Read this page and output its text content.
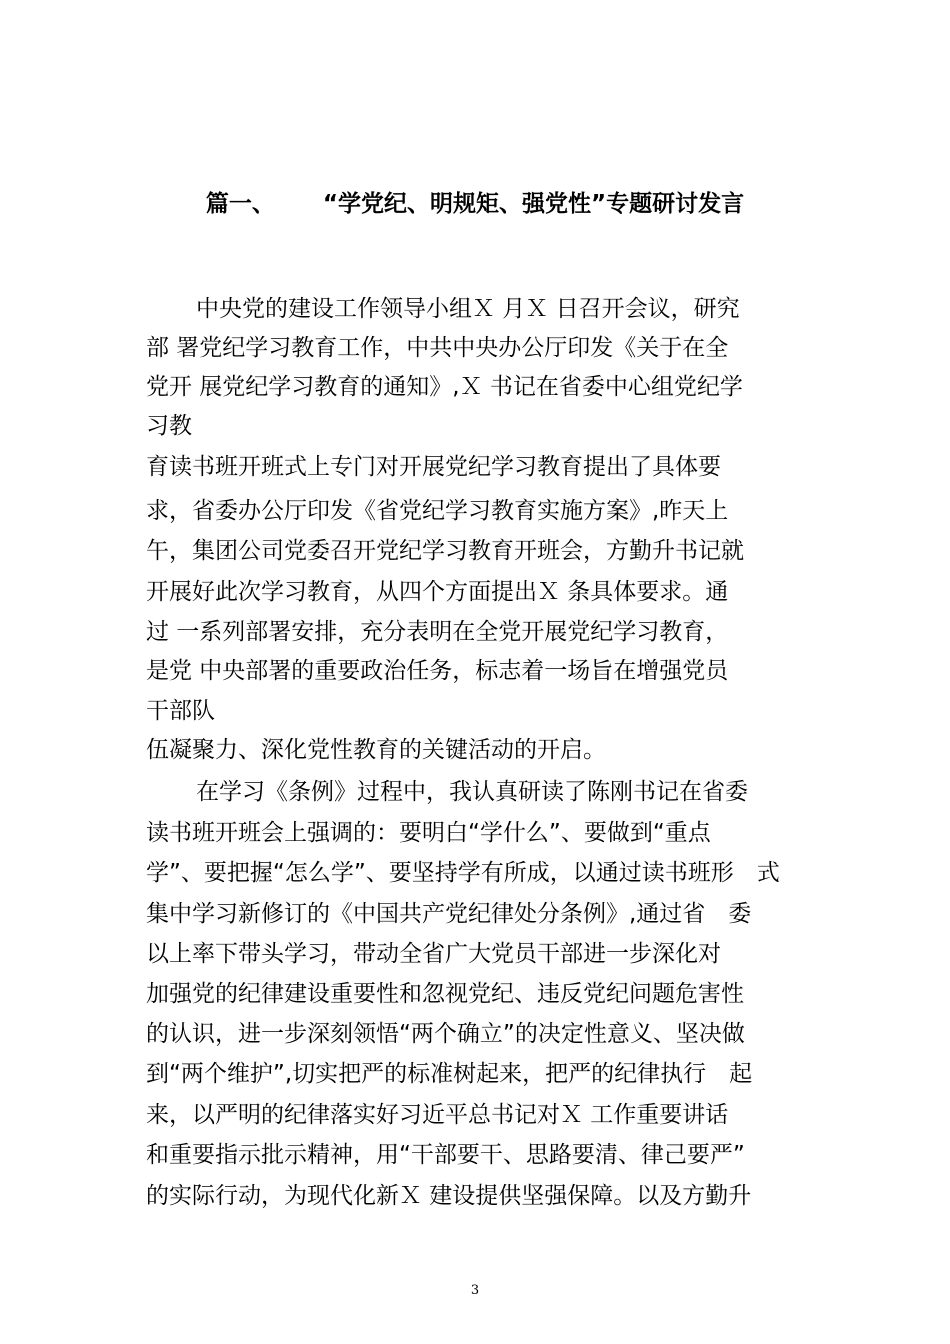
篇一、 “学党纪、明规矩、强党性”专题研讨发言
中央党的建设工作领导小组Ｘ 月Ｘ 日召开会议，研究
部 署党纪学习教育工作，中共中央办公厅印发《关于在全
党开 展党纪学习教育的通知》,Ｘ 书记在省委中心组党纪学
习教
育读书班开班式上专门对开展党纪学习教育提出了具体要
求，省委办公厅印发《省党纪学习教育实施方案》,昨天上
午，集团公司党委召开党纪学习教育开班会，方勤升书记就
开展好此次学习教育，从四个方面提出Ｘ 条具体要求。通
过 一系列部署安排，充分表明在全党开展党纪学习教育，
是党 中央部署的重要政治任务，标志着一场旨在增强党员
干部队
伍凝聚力、深化党性教育的关键活动的开启。
在学习《条例》过程中，我认真研读了陈刚书记在省委
读书班开班会上强调的：要明白“学什么”、要做到“重点
学”、要把握“怎么学”、要坚持学有所成，以通过读书班形　式
集中学习新修订的《中国共产党纪律处分条例》,通过省　委
以上率下带头学习，带动全省广大党员干部进一步深化对
加强党的纪律建设重要性和忽视党纪、违反党纪问题危害性
的认识，进一步深刻领悟“两个确立”的决定性意义、坚决做
到“两个维护”,切实把严的标准树起来，把严的纪律执行　起
来，以严明的纪律落实好习近平总书记对Ｘ 工作重要讲话
和重要指示批示精神，用“干部要干、思路要清、律己要严”
的实际行动，为现代化新Ｘ 建设提供坚强保障。以及方勤升
3
